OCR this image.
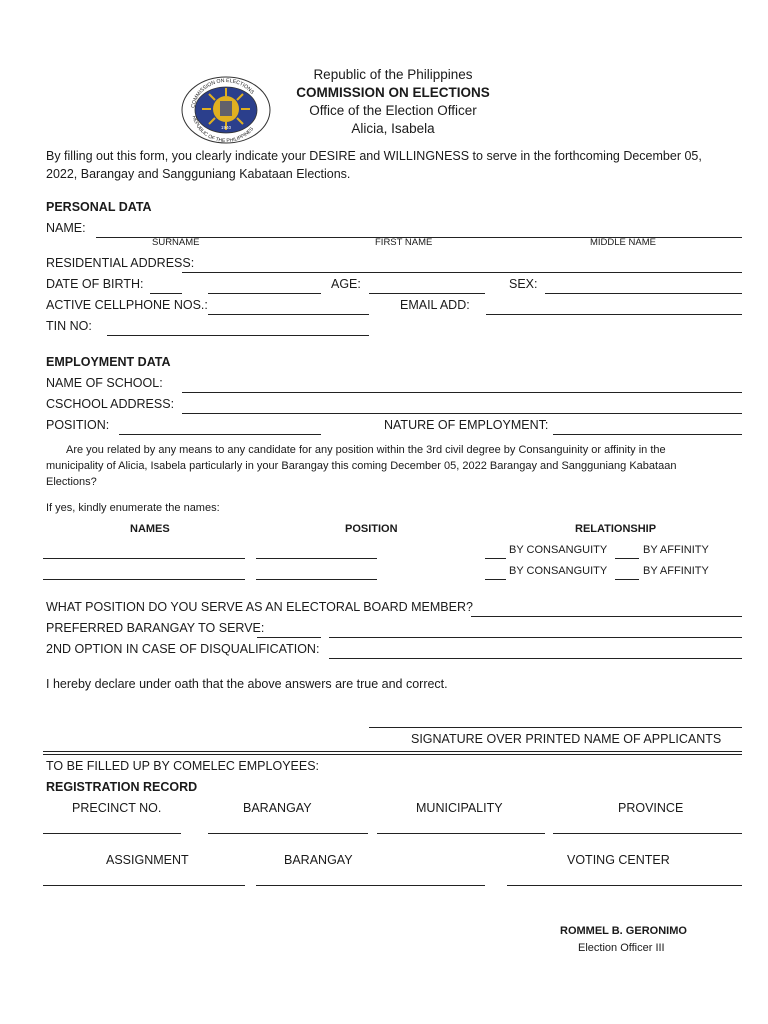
COMMISSION ON ELECTIONS
REPUBLIC OF THE PHILIPPINES
1940
Republic of the Philippines
COMMISSION ON ELECTIONS
Office of the Election Officer
Alicia, Isabela
By filling out this form, you clearly indicate your DESIRE and WILLINGNESS to serve in the forthcoming December 05, 2022, Barangay and Sangguniang Kabataan Elections.
PERSONAL DATA
NAME:
SURNAME	FIRST NAME	MIDDLE NAME
RESIDENTIAL ADDRESS:
DATE OF BIRTH:	AGE:	SEX:
ACTIVE CELLPHONE NOS.:	EMAIL ADD:
TIN NO:
EMPLOYMENT DATA
NAME OF SCHOOL:
CSCHOOL ADDRESS:
POSITION:	NATURE OF EMPLOYMENT:
Are you related by any means to any candidate for any position within the 3rd civil degree by Consanguinity or affinity in the municipality of Alicia, Isabela particularly in your Barangay this coming December 05, 2022 Barangay and Sangguniang Kabataan Elections?
If yes, kindly enumerate the names:
NAMES	POSITION	RELATIONSHIP
BY CONSANGUITY	BY AFFINITY
BY CONSANGUITY	BY AFFINITY
WHAT POSITION DO YOU SERVE AS AN ELECTORAL BOARD MEMBER?
PREFERRED BARANGAY TO SERVE:
2ND OPTION IN CASE OF DISQUALIFICATION:
I hereby declare under oath that the above answers are true and correct.
SIGNATURE OVER PRINTED NAME OF APPLICANTS
TO BE FILLED UP BY COMELEC EMPLOYEES:
REGISTRATION RECORD
PRECINCT NO.	BARANGAY	MUNICIPALITY	PROVINCE
ASSIGNMENT	BARANGAY	VOTING CENTER
ROMMEL B. GERONIMO
Election Officer III
